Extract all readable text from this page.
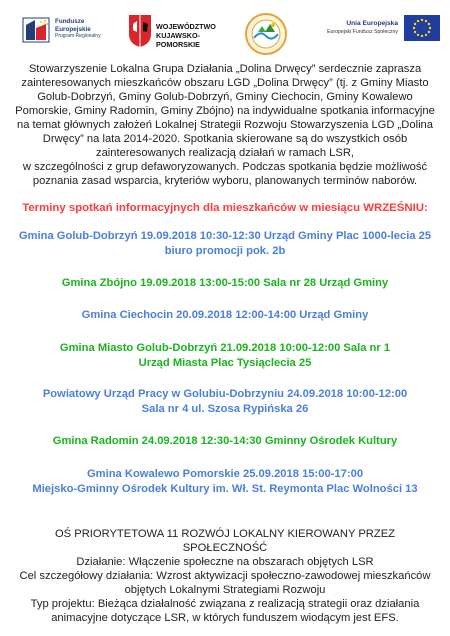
Fundusze
Europejskie
Program Regionalny
WOJEWÓDZTWO
KUJAWSKO-POMORSKIE
Unia Europejska
Europejski Fundusz Społeczny
Stowarzyszenie Lokalna Grupa Działania „Dolina Drwęcy” serdecznie zaprasza
zainteresowanych mieszkańców obszaru LGD „Dolina Drwęcy” (tj. z Gminy Miasto
Golub-Dobrzyń, Gminy Golub-Dobrzyń, Gminy Ciechocin, Gminy Kowalewo
Pomorskie, Gminy Radomin, Gminy Zbójno) na indywidualne spotkania informacyjne
na temat głównych założeń Lokalnej Strategii Rozwoju Stowarzyszenia LGD „Dolina
Drwęcy” na lata 2014-2020. Spotkania skierowane są do wszystkich osób
zainteresowanych realizacją działań w ramach LSR,
w szczególności z grup defaworyzowanych. Podczas spotkania będzie możliwość
poznania zasad wsparcia, kryteriów wyboru, planowanych terminów naborów.
Terminy spotkań informacyjnych dla mieszkańców w miesiącu WRZEŚNIU:
Gmina Golub-Dobrzyń 19.09.2018 10:30-12:30 Urząd Gminy Plac 1000-lecia 25
biuro promocji pok. 2b
Gmina Zbójno 19.09.2018 13:00-15:00 Sala nr 28 Urząd Gminy
Gmina Ciechocin 20.09.2018 12:00-14:00 Urząd Gminy
Gmina Miasto Golub-Dobrzyń 21.09.2018 10:00-12:00 Sala nr 1
Urząd Miasta Plac Tysiąclecia 25
Powiatowy Urząd Pracy w Golubiu-Dobrzyniu 24.09.2018 10:00-12:00
Sala nr 4 ul. Szosa Rypińska 26
Gmina Radomin 24.09.2018 12:30-14:30 Gminny Ośrodek Kultury
Gmina Kowalewo Pomorskie 25.09.2018 15:00-17:00
Miejsko-Gminny Ośrodek Kultury im. Wł. St. Reymonta Plac Wolności 13
OŚ PRIORYTETOWA 11 ROZWÓJ LOKALNY KIEROWANY PRZEZ
SPOŁECZNOŚĆ
Działanie: Włączenie społeczne na obszarach objętych LSR
Cel szczegółowy działania: Wzrost aktywizacji społeczno-zawodowej mieszkańców
objętych Lokalnymi Strategiami Rozwoju
Typ projektu: Bieżąca działalność związana z realizacją strategii oraz działania
animacyjne dotyczące LSR, w których funduszem wiodącym jest EFS.
